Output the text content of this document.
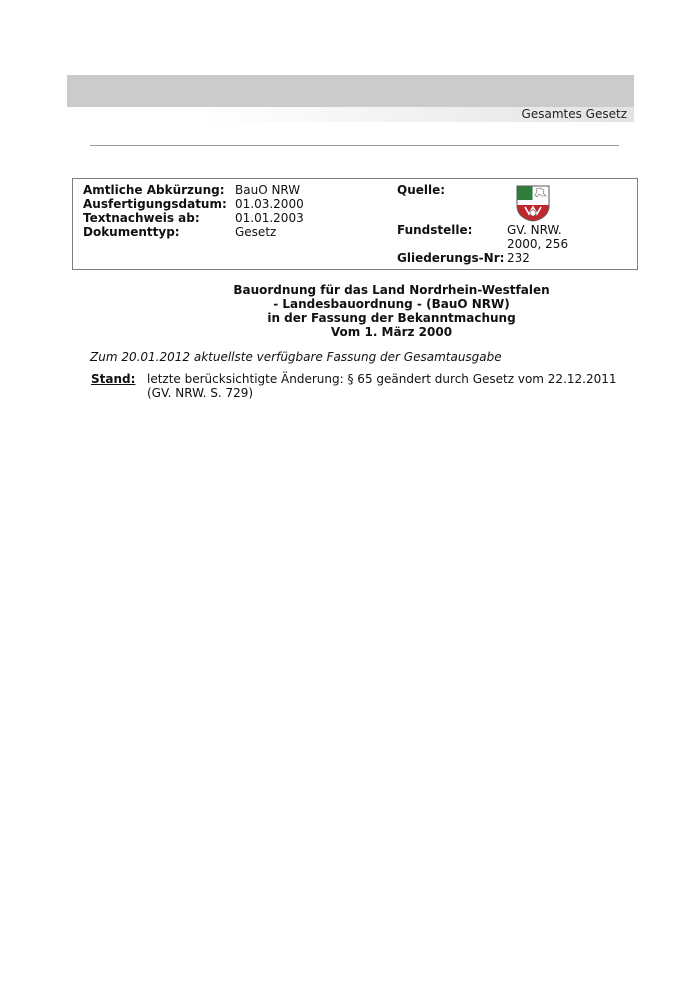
Gesamtes Gesetz
Amtliche Abkürzung: BauO NRW
Ausfertigungsdatum: 01.03.2000
Textnachweis ab:	01.01.2003
Dokumenttyp:	Gesetz
Quelle:
Fundstelle:	GV. NRW.
2000, 256
Gliederungs-Nr: 232
Bauordnung für das Land Nordrhein-Westfalen
- Landesbauordnung - (BauO NRW)
in der Fassung der Bekanntmachung
Vom 1. März 2000
Zum 20.01.2012 aktuellste verfügbare Fassung der Gesamtausgabe
Stand: letzte berücksichtigte Änderung: § 65 geändert durch Gesetz vom 22.12.2011 (GV. NRW. S. 729)
